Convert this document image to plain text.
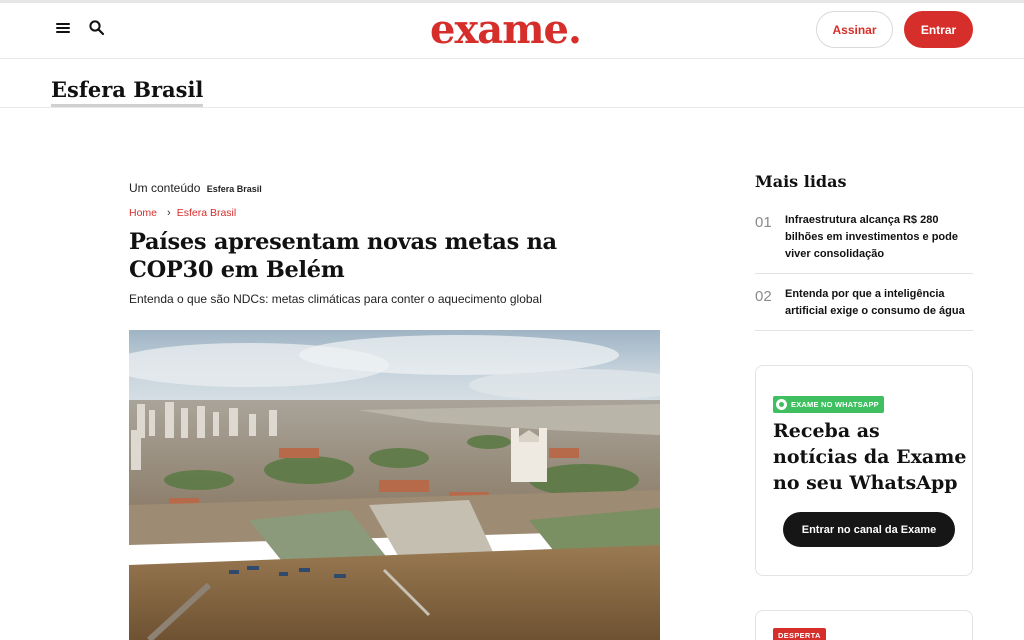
exame.	Assinar	Entrar
Esfera Brasil
Um conteúdo Esfera Brasil
Home › Esfera Brasil
Países apresentam novas metas na COP30 em Belém

Entenda o que são NDCs: metas climáticas para conter o aquecimento global

Mais lidas
01 Infraestrutura alcança R$ 280 bilhões em investimentos e pode viver consolidação
02 Entenda por que a inteligência artificial exige o consumo de água
EXAME NO WHATSAPP
Receba as notícias da Exame no seu WhatsApp
Entrar no canal da Exame
DESPERTA
